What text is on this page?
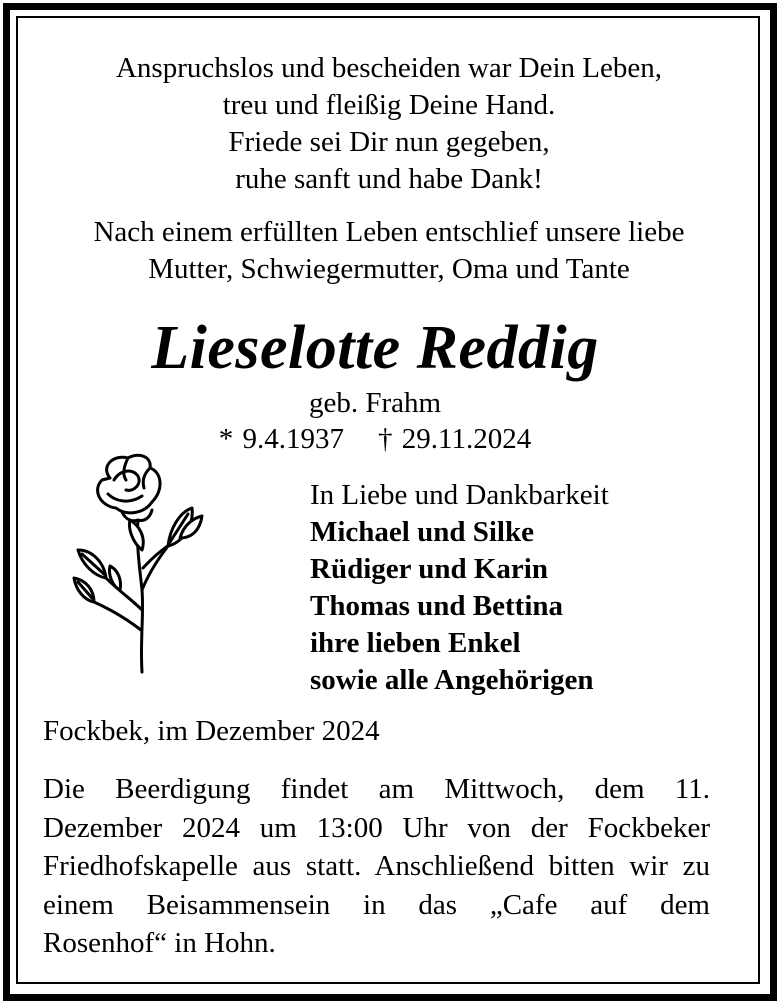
Anspruchslos und bescheiden war Dein Leben,
treu und fleißig Deine Hand.
Friede sei Dir nun gegeben,
ruhe sanft und habe Dank!
Nach einem erfüllten Leben entschlief unsere liebe
Mutter, Schwiegermutter, Oma und Tante
Lieselotte Reddig
geb. Frahm
* 9.4.1937 † 29.11.2024
In Liebe und Dankbarkeit
Michael und Silke
Rüdiger und Karin
Thomas und Bettina
ihre lieben Enkel
sowie alle Angehörigen
Fockbek, im Dezember 2024
Die Beerdigung findet am Mittwoch, dem 11.
Dezember 2024 um 13:00 Uhr von der Fockbeker
Friedhofskapelle aus statt. Anschließend bitten wir zu
einem Beisammensein in das „Cafe auf dem
Rosenhof“ in Hohn.
